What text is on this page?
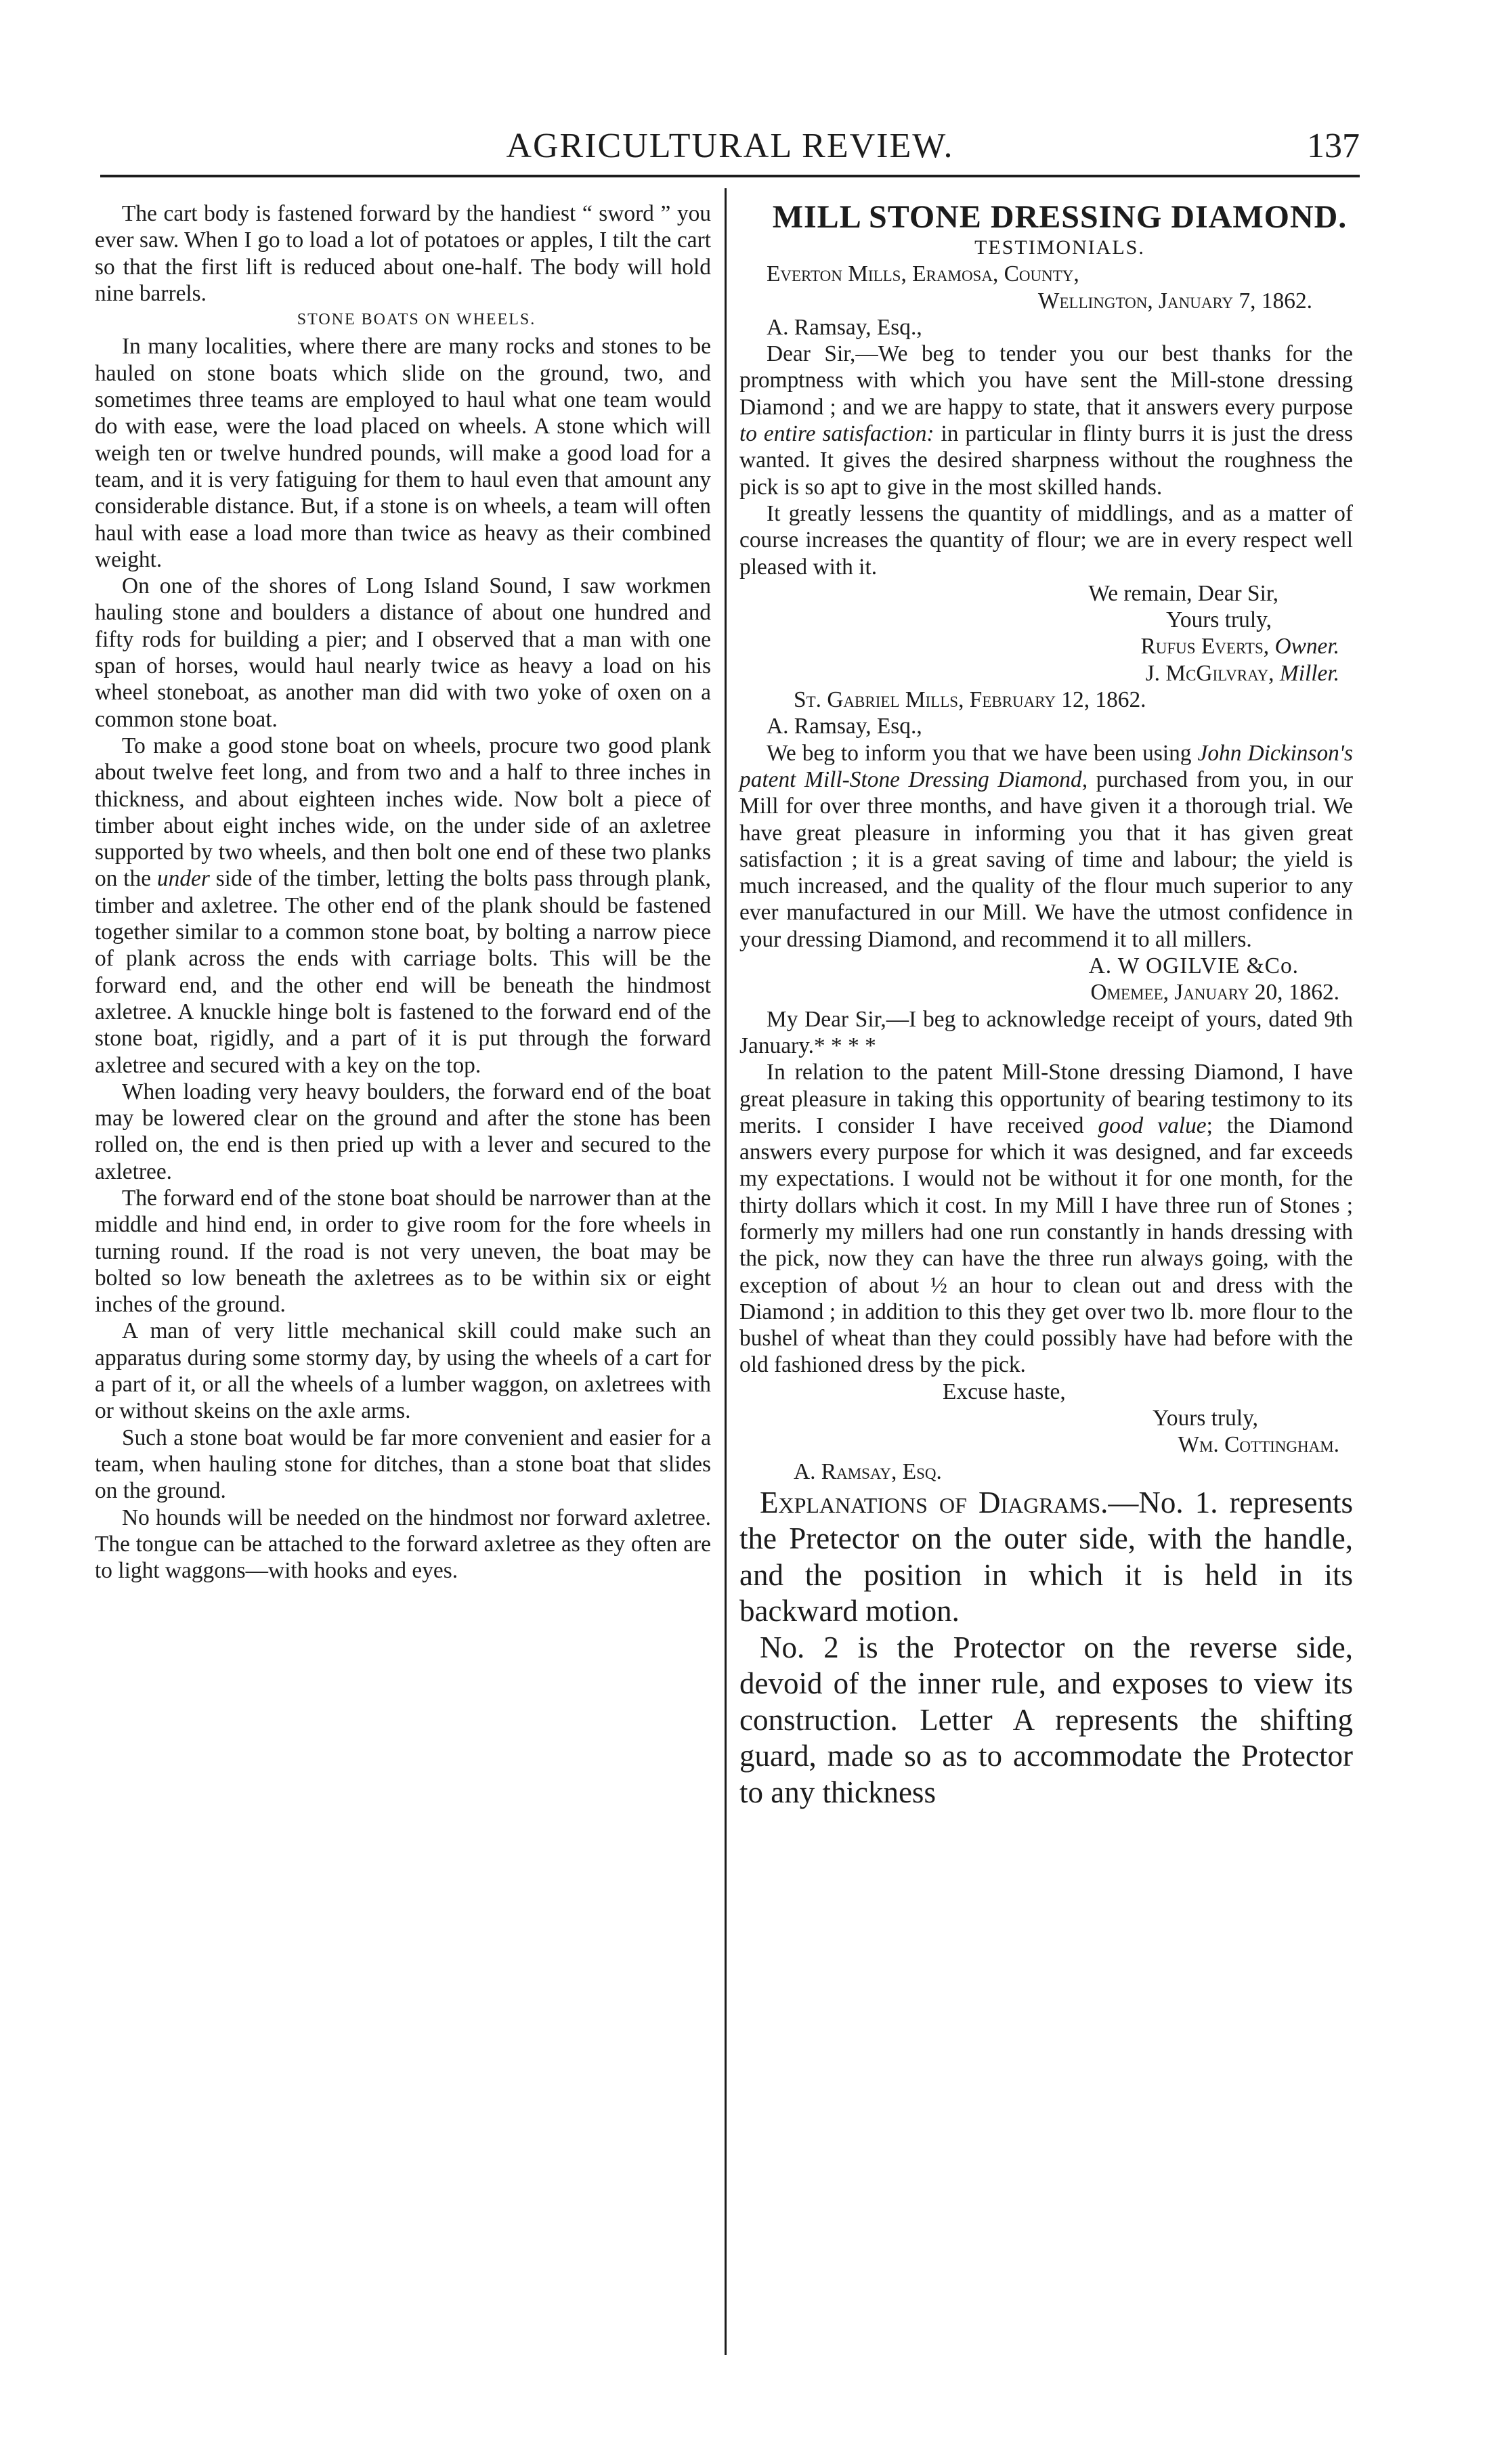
AGRICULTURAL REVIEW.	137

The cart body is fastened forward by the handiest “ sword ” you ever saw. When I go to load a lot of potatoes or apples, I tilt the cart so that the first lift is reduced about one-half. The body will hold nine barrels.

STONE BOATS ON WHEELS.

In many localities, where there are many rocks and stones to be hauled on stone boats which slide on the ground, two, and sometimes three teams are employed to haul what one team would do with ease, were the load placed on wheels. A stone which will weigh ten or twelve hundred pounds, will make a good load for a team, and it is very fatiguing for them to haul even that amount any considerable distance. But, if a stone is on wheels, a team will often haul with ease a load more than twice as heavy as their combined weight.

On one of the shores of Long Island Sound, I saw workmen hauling stone and boulders a distance of about one hundred and fifty rods for building a pier; and I observed that a man with one span of horses, would haul nearly twice as heavy a load on his wheel stoneboat, as another man did with two yoke of oxen on a common stone boat.

To make a good stone boat on wheels, procure two good plank about twelve feet long, and from two and a half to three inches in thickness, and about eighteen inches wide. Now bolt a piece of timber about eight inches wide, on the under side of an axletree supported by two wheels, and then bolt one end of these two planks on the under side of the timber, letting the bolts pass through plank, timber and axletree. The other end of the plank should be fastened together similar to a common stone boat, by bolting a narrow piece of plank across the ends with carriage bolts. This will be the forward end, and the other end will be beneath the hindmost axletree. A knuckle hinge bolt is fastened to the forward end of the stone boat, rigidly, and a part of it is put through the forward axletree and secured with a key on the top.

When loading very heavy boulders, the forward end of the boat may be lowered clear on the ground and after the stone has been rolled on, the end is then pried up with a lever and secured to the axletree.

The forward end of the stone boat should be narrower than at the middle and hind end, in order to give room for the fore wheels in turning round. If the road is not very uneven, the boat may be bolted so low beneath the axletrees as to be within six or eight inches of the ground.

A man of very little mechanical skill could make such an apparatus during some stormy day, by using the wheels of a cart for a part of it, or all the wheels of a lumber waggon, on axletrees with or without skeins on the axle arms.

Such a stone boat would be far more convenient and easier for a team, when hauling stone for ditches, than a stone boat that slides on the ground.

No hounds will be needed on the hindmost nor forward axletree. The tongue can be attached to the forward axletree as they often are to light waggons—with hooks and eyes.

MILL STONE DRESSING DIAMOND.

TESTIMONIALS.

Everton Mills, Eramosa, County,

Wellington, January 7, 1862.

A. Ramsay, Esq.,

Dear Sir,—We beg to tender you our best thanks for the promptness with which you have sent the Mill-stone dressing Diamond ; and we are happy to state, that it answers every purpose to entire satisfaction: in particular in flinty burrs it is just the dress wanted. It gives the desired sharpness without the roughness the pick is so apt to give in the most skilled hands.

It greatly lessens the quantity of middlings, and as a matter of course increases the quantity of flour; we are in every respect well pleased with it.

We remain, Dear Sir,

Yours truly,

Rufus Everts, Owner.

J. McGilvray, Miller.

St. Gabriel Mills, February 12, 1862.

A. Ramsay, Esq.,

We beg to inform you that we have been using John Dickinson's patent Mill-Stone Dressing Diamond, purchased from you, in our Mill for over three months, and have given it a thorough trial. We have great pleasure in informing you that it has given great satisfaction ; it is a great saving of time and labour; the yield is much increased, and the quality of the flour much superior to any ever manufactured in our Mill. We have the utmost confidence in your dressing Diamond, and recommend it to all millers.

A. W OGILVIE &Co.

Omemee, January 20, 1862.

My Dear Sir,—I beg to acknowledge receipt of yours, dated 9th January.* * * *

In relation to the patent Mill-Stone dressing Diamond, I have great pleasure in taking this opportunity of bearing testimony to its merits. I consider I have received good value; the Diamond answers every purpose for which it was designed, and far exceeds my expectations. I would not be without it for one month, for the thirty dollars which it cost. In my Mill I have three run of Stones ; formerly my millers had one run constantly in hands dressing with the pick, now they can have the three run always going, with the exception of about ½ an hour to clean out and dress with the Diamond ; in addition to this they get over two lb. more flour to the bushel of wheat than they could possibly have had before with the old fashioned dress by the pick.

Excuse haste,

Yours truly,

Wm. Cottingham.

A. Ramsay, Esq.

Explanations of Diagrams.—No. 1. represents the Pretector on the outer side, with the handle, and the position in which it is held in its backward motion.

No. 2 is the Protector on the reverse side, devoid of the inner rule, and exposes to view its construction. Letter A represents the shifting guard, made so as to accommodate the Protector to any thickness
